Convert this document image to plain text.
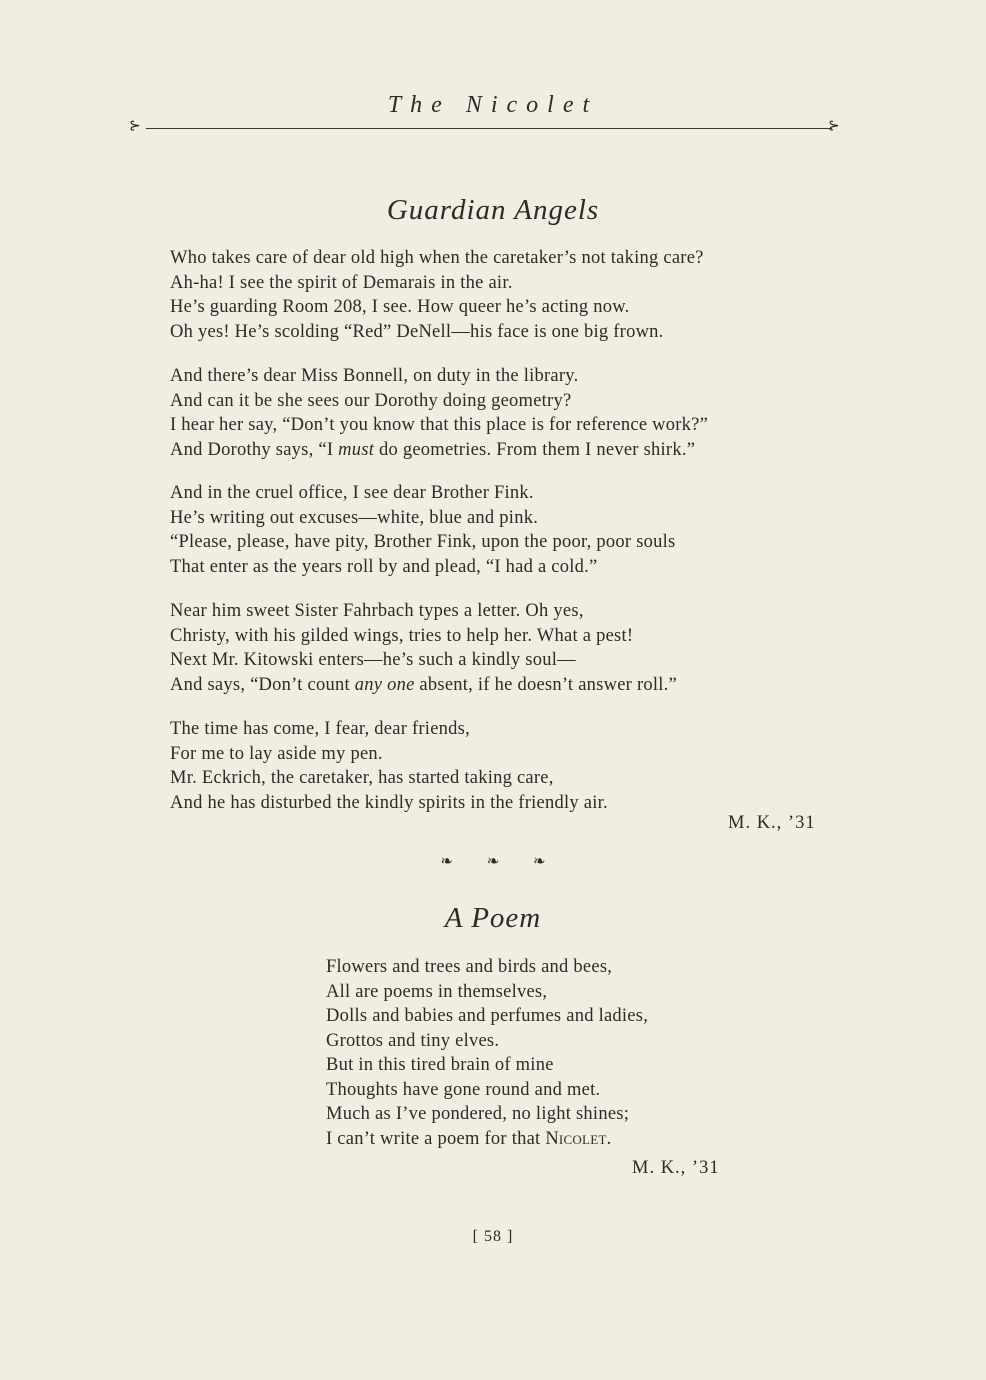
The Nicolet
⊱	⊱
Guardian Angels
Who takes care of dear old high when the caretaker’s not taking care?
Ah-ha! I see the spirit of Demarais in the air.
He’s guarding Room 208, I see. How queer he’s acting now.
Oh yes! He’s scolding “Red” DeNell—his face is one big frown.
And there’s dear Miss Bonnell, on duty in the library.
And can it be she sees our Dorothy doing geometry?
I hear her say, “Don’t you know that this place is for reference work?”
And Dorothy says, “I must do geometries. From them I never shirk.”
And in the cruel office, I see dear Brother Fink.
He’s writing out excuses—white, blue and pink.
“Please, please, have pity, Brother Fink, upon the poor, poor souls
That enter as the years roll by and plead, “I had a cold.”
Near him sweet Sister Fahrbach types a letter. Oh yes,
Christy, with his gilded wings, tries to help her. What a pest!
Next Mr. Kitowski enters—he’s such a kindly soul—
And says, “Don’t count any one absent, if he doesn’t answer roll.”
The time has come, I fear, dear friends,
For me to lay aside my pen.
Mr. Eckrich, the caretaker, has started taking care,
And he has disturbed the kindly spirits in the friendly air.
M. K., ’31
❧ ❧ ❧
A Poem
Flowers and trees and birds and bees,
All are poems in themselves,
Dolls and babies and perfumes and ladies,
Grottos and tiny elves.
But in this tired brain of mine
Thoughts have gone round and met.
Much as I’ve pondered, no light shines;
I can’t write a poem for that Nicolet.
M. K., ’31
[ 58 ]
